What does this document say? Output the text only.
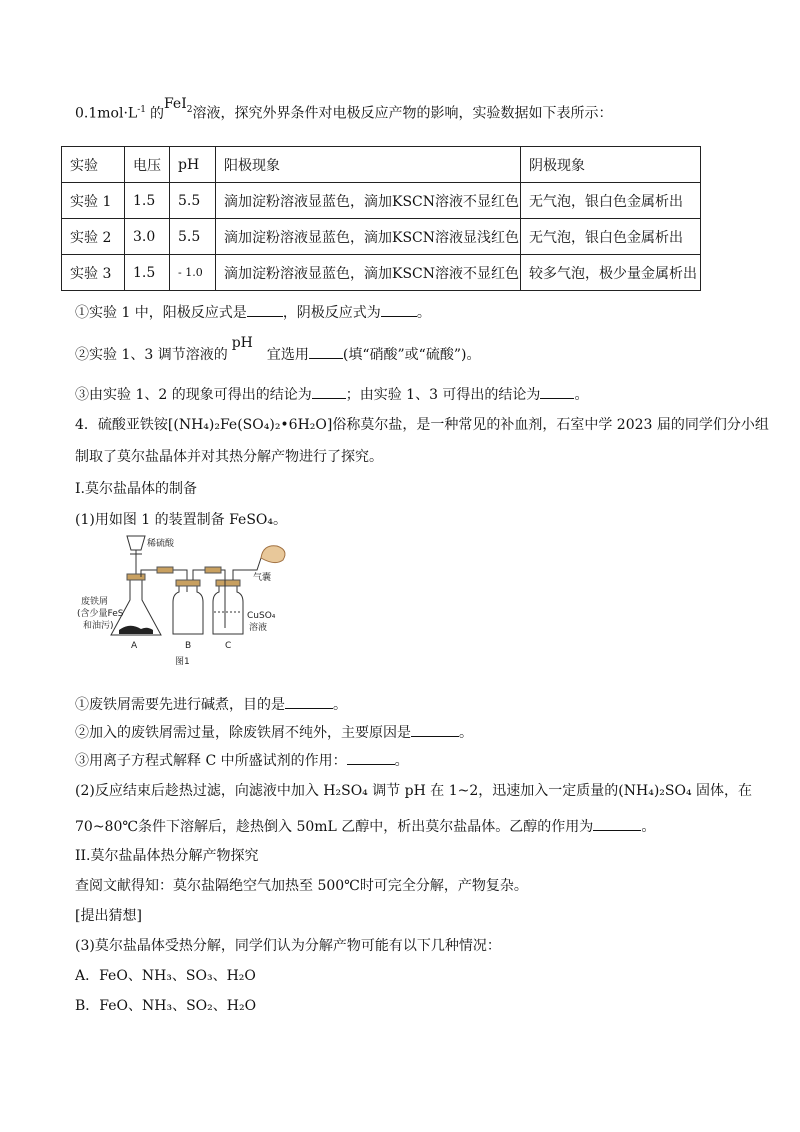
$0.1mol\cdot L^{-1}$ 的FeI$_2$溶液，探究外界条件对电极反应产物的影响，实验数据如下表所示：
实验	电压	pH	阳极现象	阴极现象
实验 1	1.5	5.5	滴加淀粉溶液显蓝色，滴加KSCN溶液不显红色	无气泡，银白色金属析出
实验 2	3.0	5.5	滴加淀粉溶液显蓝色，滴加KSCN溶液显浅红色	无气泡，银白色金属析出
实验 3	1.5	- 1.0	滴加淀粉溶液显蓝色，滴加KSCN溶液不显红色	较多气泡，极少量金属析出
①实验 1 中，阳极反应式是	，阴极反应式为	。
②实验 1、3 调节溶液的pH宜选用 (填“硝酸”或“硫酸”)。
③由实验 1、2 的现象可得出的结论为 ；由实验 1、3 可得出的结论为 。
4．硫酸亚铁铵[(NH₄)₂Fe(SO₄)₂•6H₂O]俗称莫尔盐，是一种常见的补血剂，石室中学 2023 届的同学们分小组
制取了莫尔盐晶体并对其热分解产物进行了探究。
I.莫尔盐晶体的制备
(1)用如图 1 的装置制备 FeSO₄。
稀硫酸
气囊
废铁屑
(含少量FeS
和油污)
CuSO₄
溶液
A	B	C
图1
①废铁屑需要先进行碱煮，目的是	。
②加入的废铁屑需过量，除废铁屑不纯外，主要原因是	。
③用离子方程式解释 C 中所盛试剂的作用：	。
(2)反应结束后趁热过滤，向滤液中加入 H₂SO₄ 调节 pH 在 1~2，迅速加入一定质量的(NH₄)₂SO₄ 固体，在
70~80℃条件下溶解后，趁热倒入 50mL 乙醇中，析出莫尔盐晶体。乙醇的作用为	。
II.莫尔盐晶体热分解产物探究
查阅文献得知：莫尔盐隔绝空气加热至 500℃时可完全分解，产物复杂。
[提出猜想]
(3)莫尔盐晶体受热分解，同学们认为分解产物可能有以下几种情况：
A．FeO、NH₃、SO₃、H₂O
B．FeO、NH₃、SO₂、H₂O
